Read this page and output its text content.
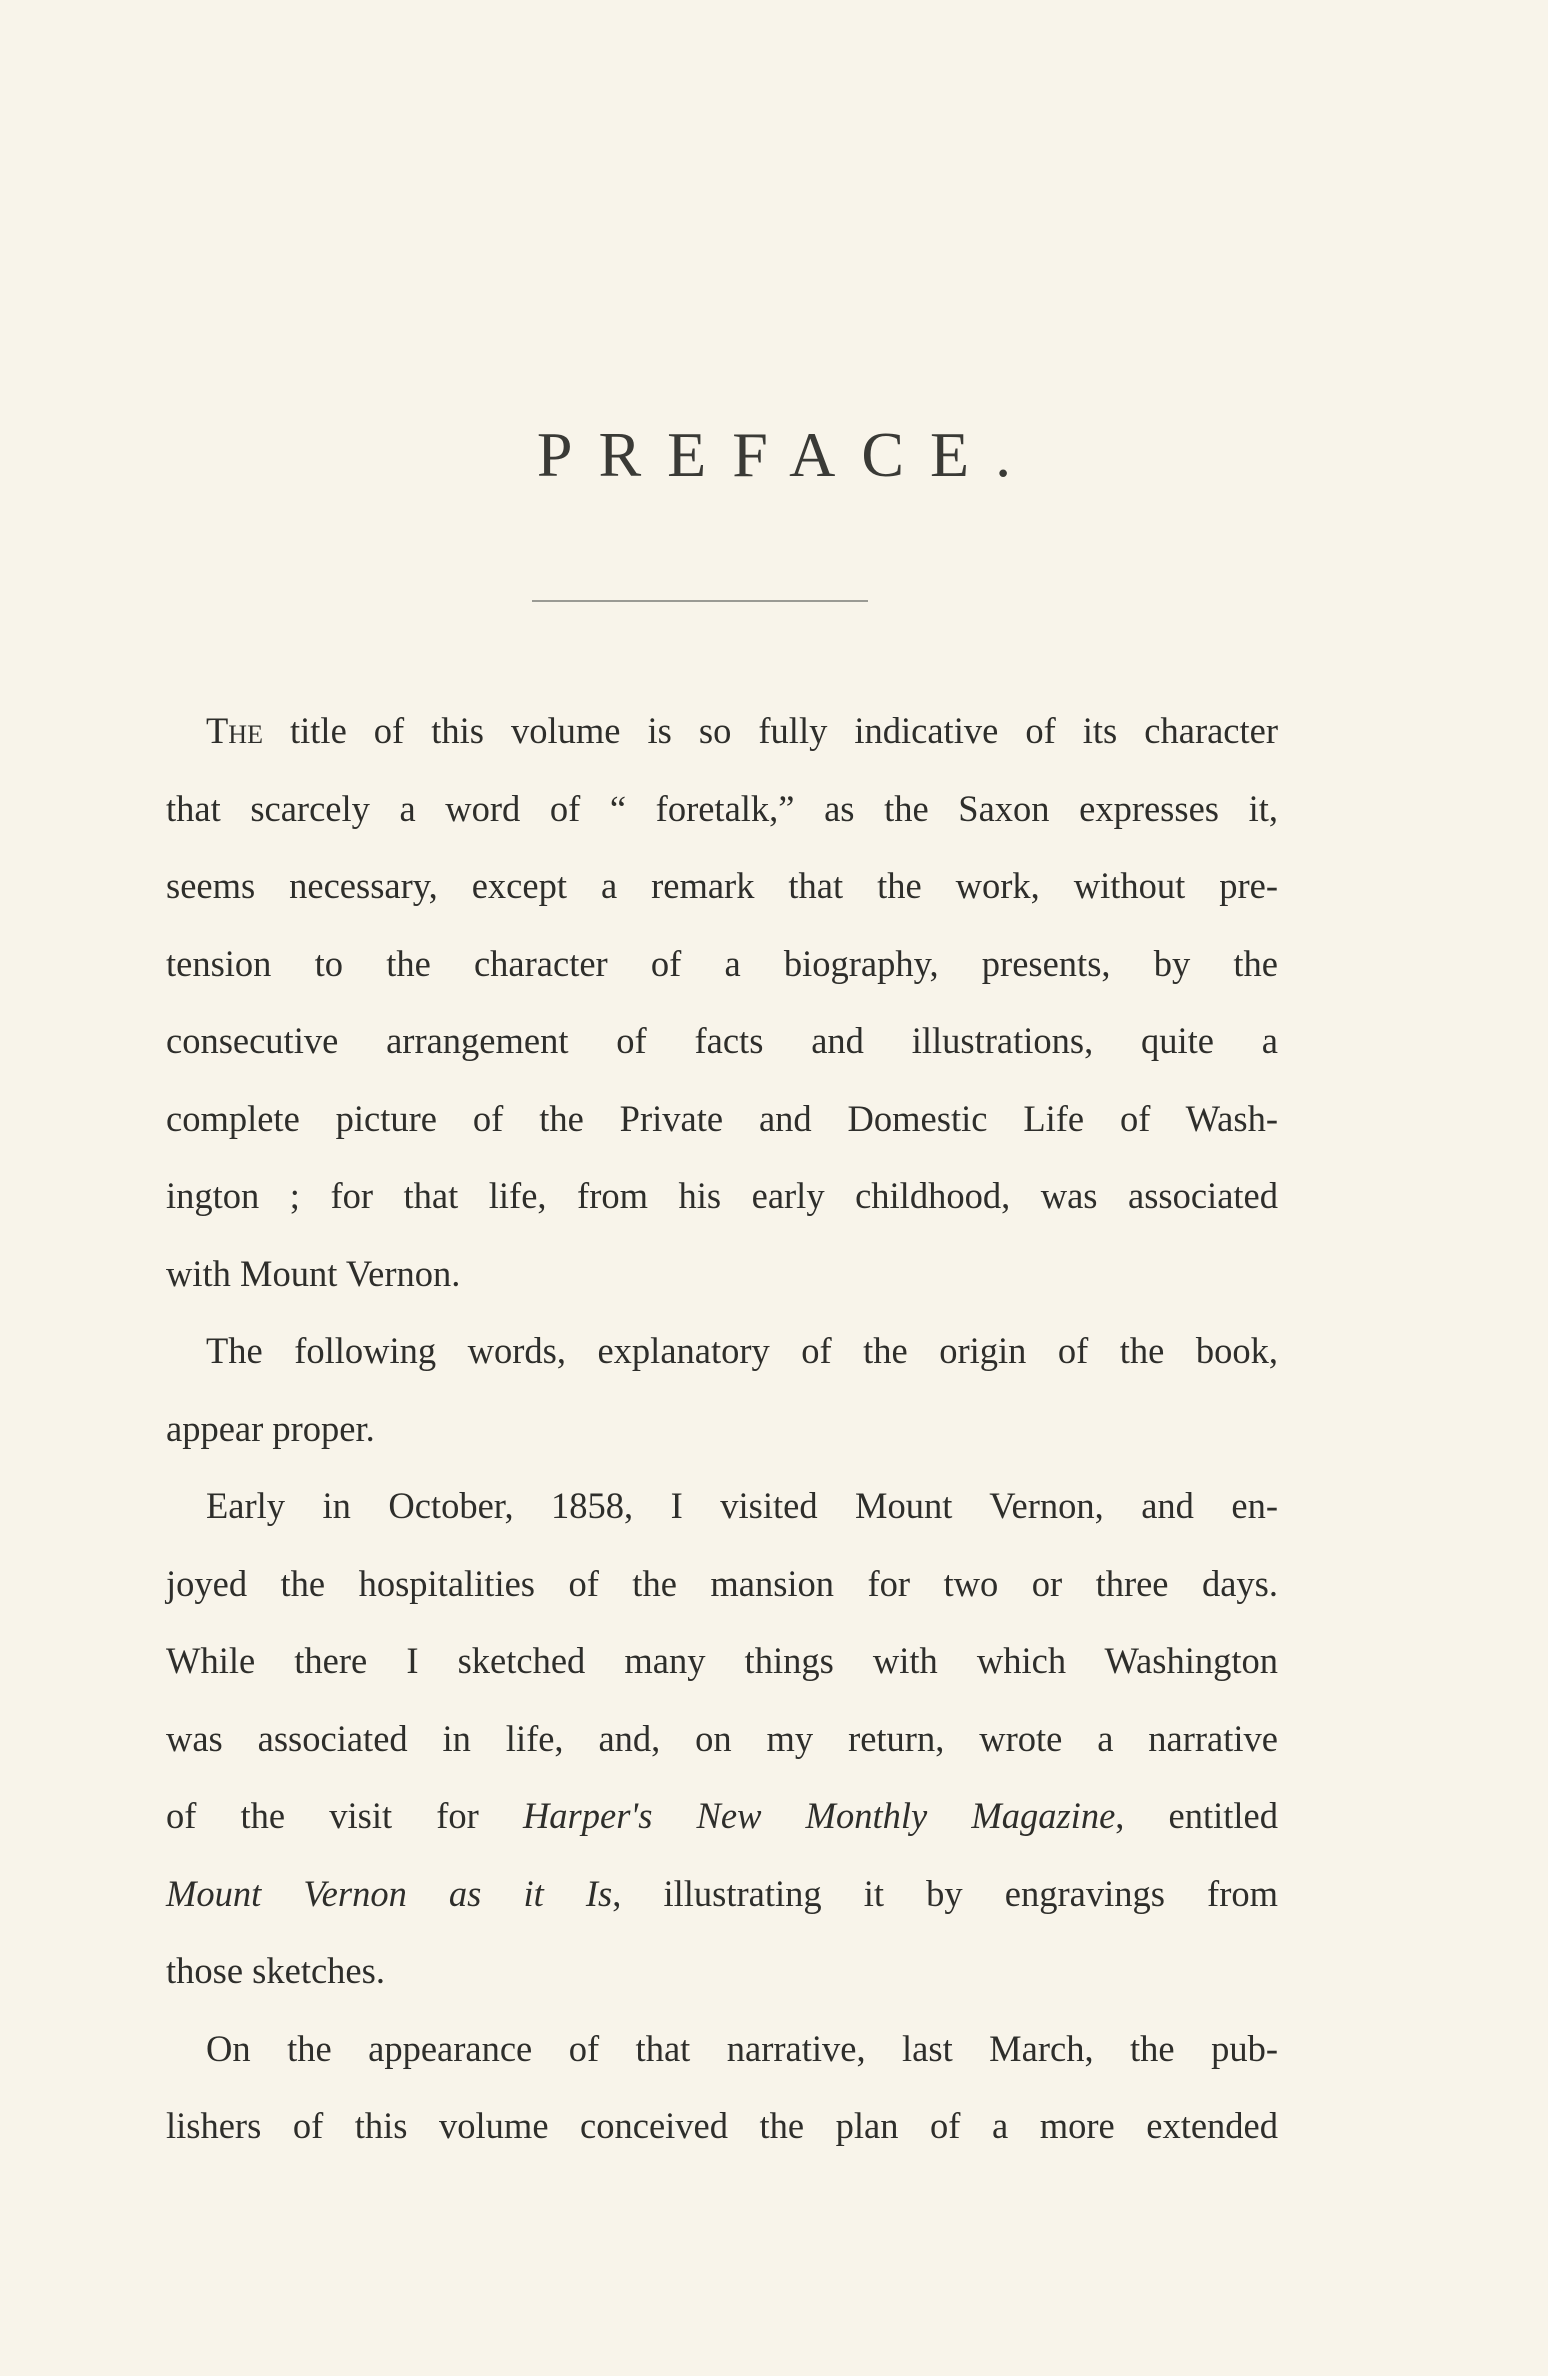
PREFACE.

The title of this volume is so fully indicative of its character

that scarcely a word of “ foretalk,” as the Saxon expresses it,

seems necessary, except a remark that the work, without pre-

tension to the character of a biography, presents, by the

consecutive arrangement of facts and illustrations, quite a

complete picture of the Private and Domestic Life of Wash-

ington ; for that life, from his early childhood, was associated

with Mount Vernon.

The following words, explanatory of the origin of the book,

appear proper.

Early in October, 1858, I visited Mount Vernon, and en-

joyed the hospitalities of the mansion for two or three days.

While there I sketched many things with which Washington

was associated in life, and, on my return, wrote a narrative

of the visit for Harper's New Monthly Magazine, entitled

Mount Vernon as it Is, illustrating it by engravings from

those sketches.

On the appearance of that narrative, last March, the pub-

lishers of this volume conceived the plan of a more extended
